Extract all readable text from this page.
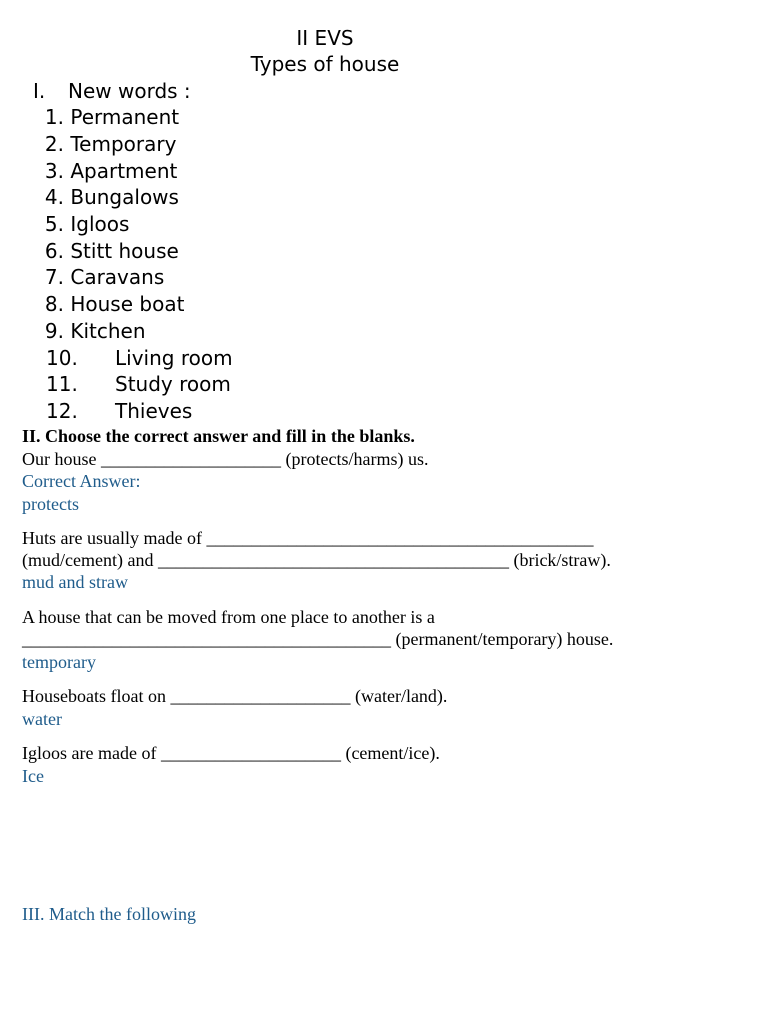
II EVS

Types of house

I. New words :

1. Permanent

2. Temporary

3. Apartment

4. Bungalows

5. Igloos

6. Stitt house

7. Caravans

8. House boat

9. Kitchen

10. Living room

11. Study room

12. Thieves

II. Choose the correct answer and fill in the blanks.

Our house ____________________ (protects/harms) us.

Correct Answer:

protects

Huts are usually made of ___________________________________________

(mud/cement) and _______________________________________ (brick/straw).

mud and straw

A house that can be moved from one place to another is a

_________________________________________ (permanent/temporary) house.

temporary

Houseboats float on ____________________ (water/land).

water

Igloos are made of ____________________ (cement/ice).

Ice

III. Match the following
